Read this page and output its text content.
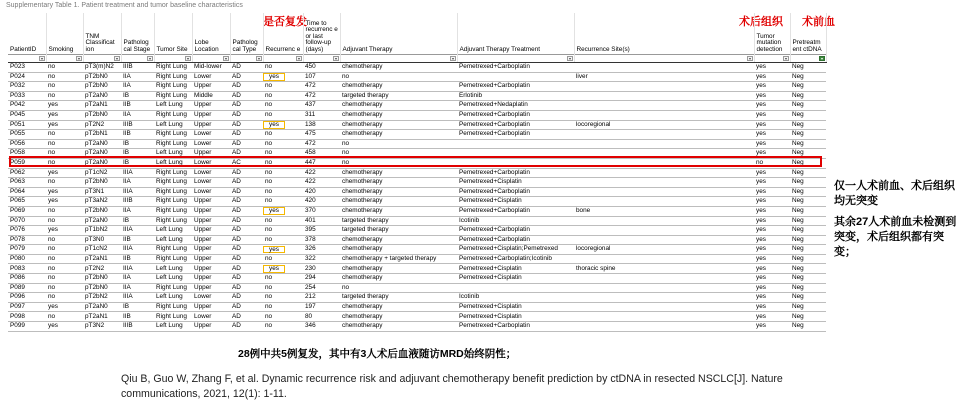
Supplementary Table 1. Patient treatment and tumor baseline characteristics
是否复发	术后组织 术前血
PatientID	Smoking	TNM Classificat ion	Patholog cal Stage	Tumor Site	Lobe Location	Patholog cal Type	Recurrenc e	Time to recurrenc e or last follow-up (days)	Adjuvant Therapy	Adjuvant Therapy Treatment	Recurrence Site(s)	Tumor mutation detection	Pretreatm ent ctDNA

P023	no	pT3(m)N2	IIIB	Right Lung	Mid-lower	AD	no	450	chemotherapy	Pemetrexed+Carboplatin		yes	Neg
P024	no	pT2bN0	IIA	Right Lung	Lower	AD	yes	107	no		liver	yes	Neg
P032	no	pT2bN0	IIA	Right Lung	Upper	AD	no	472	chemotherapy	Pemetrexed+Carboplatin		yes	Neg
P033	no	pT2aN0	IB	Right Lung	Middle	AD	no	472	targeted therapy	Erlotinib		yes	Neg
P042	yes	pT2aN1	IIB	Left Lung	Upper	AD	no	437	chemotherapy	Pemetrexed+Nedaplatin		yes	Neg
P045	yes	pT2bN0	IIA	Right Lung	Upper	AD	no	311	chemotherapy	Pemetrexed+Carboplatin		yes	Neg
P051	yes	pT2N2	IIIB	Left Lung	Upper	AD	yes	138	chemotherapy	Pemetrexed+Carboplatin	locoregional	yes	Neg
P055	no	pT2bN1	IIB	Right Lung	Lower	AD	no	475	chemotherapy	Pemetrexed+Carboplatin		yes	Neg
P056	no	pT2aN0	IB	Right Lung	Lower	AD	no	472	no			yes	Neg
P058	no	pT2aN0	IB	Left Lung	Upper	AD	no	458	no			yes	Neg
P059	no	pT2aN0	IB	Left Lung	Lower	AC	no	447	no			no	Neg
P062	yes	pT1cN2	IIIA	Right Lung	Lower	AD	no	422	chemotherapy	Pemetrexed+Carboplatin		yes	Neg
P063	no	pT2bN0	IIA	Right Lung	Lower	AD	no	422	chemotherapy	Pemetrexed+Cisplatin		yes	Neg
P064	yes	pT3N1	IIIA	Right Lung	Lower	AD	no	420	chemotherapy	Pemetrexed+Carboplatin		yes	Neg
P065	yes	pT3aN2	IIIB	Right Lung	Upper	AD	no	420	chemotherapy	Pemetrexed+Cisplatin		yes	Neg
P069	no	pT2bN0	IIA	Right Lung	Upper	AD	yes	370	chemotherapy	Pemetrexed+Carboplatin	bone	yes	Neg
P070	no	pT2aN0	IB	Right Lung	Upper	AD	no	401	targeted therapy	Icotinib		yes	Neg
P076	yes	pT1bN2	IIIA	Left Lung	Upper	AD	no	395	targeted therapy	Pemetrexed+Carboplatin		yes	Neg
P078	no	pT3N0	IIB	Left Lung	Upper	AD	no	378	chemotherapy	Pemetrexed+Carboplatin		yes	Neg
P079	no	pT1cN2	IIIA	Right Lung	Upper	AD	yes	326	chemotherapy	Pemetrexed+Cisplatin;Pemetrexed	locoregional	yes	Neg
P080	no	pT2aN1	IIB	Right Lung	Upper	AD	no	322	chemotherapy + targeted therapy	Pemetrexed+Carboplatin;Icotinib		yes	Neg
P083	no	pT2N2	IIIA	Left Lung	Upper	AD	yes	230	chemotherapy	Pemetrexed+Cisplatin	thoracic spine	yes	Neg
P086	no	pT2bN0	IIA	Left Lung	Upper	AD	no	294	chemotherapy	Pemetrexed+Cisplatin		yes	Neg
P089	no	pT2bN0	IIA	Right Lung	Upper	AD	no	254	no			yes	Neg
P096	no	pT2bN2	IIIA	Left Lung	Lower	AD	no	212	targeted therapy	Icotinib		yes	Neg
P097	yes	pT2aN0	IB	Right Lung	Upper	AD	no	197	chemotherapy	Pemetrexed+Cisplatin		yes	Neg
P098	no	pT2aN1	IIB	Right Lung	Lower	AD	no	80	chemotherapy	Pemetrexed+Cisplatin		yes	Neg
P099	yes	pT3N2	IIIB	Left Lung	Upper	AD	no	346	chemotherapy	Pemetrexed+Carboplatin		yes	Neg
仅一人术前血、术后组织均无突变
其余27人术前血未检测到突变，术后组织都有突变；
28例中共5例复发，其中有3人术后血液随访MRD始终阴性；
Qiu B, Guo W, Zhang F, et al. Dynamic recurrence risk and adjuvant chemotherapy benefit prediction by ctDNA in resected NSCLC[J]. Nature communications, 2021, 12(1): 1-11.
